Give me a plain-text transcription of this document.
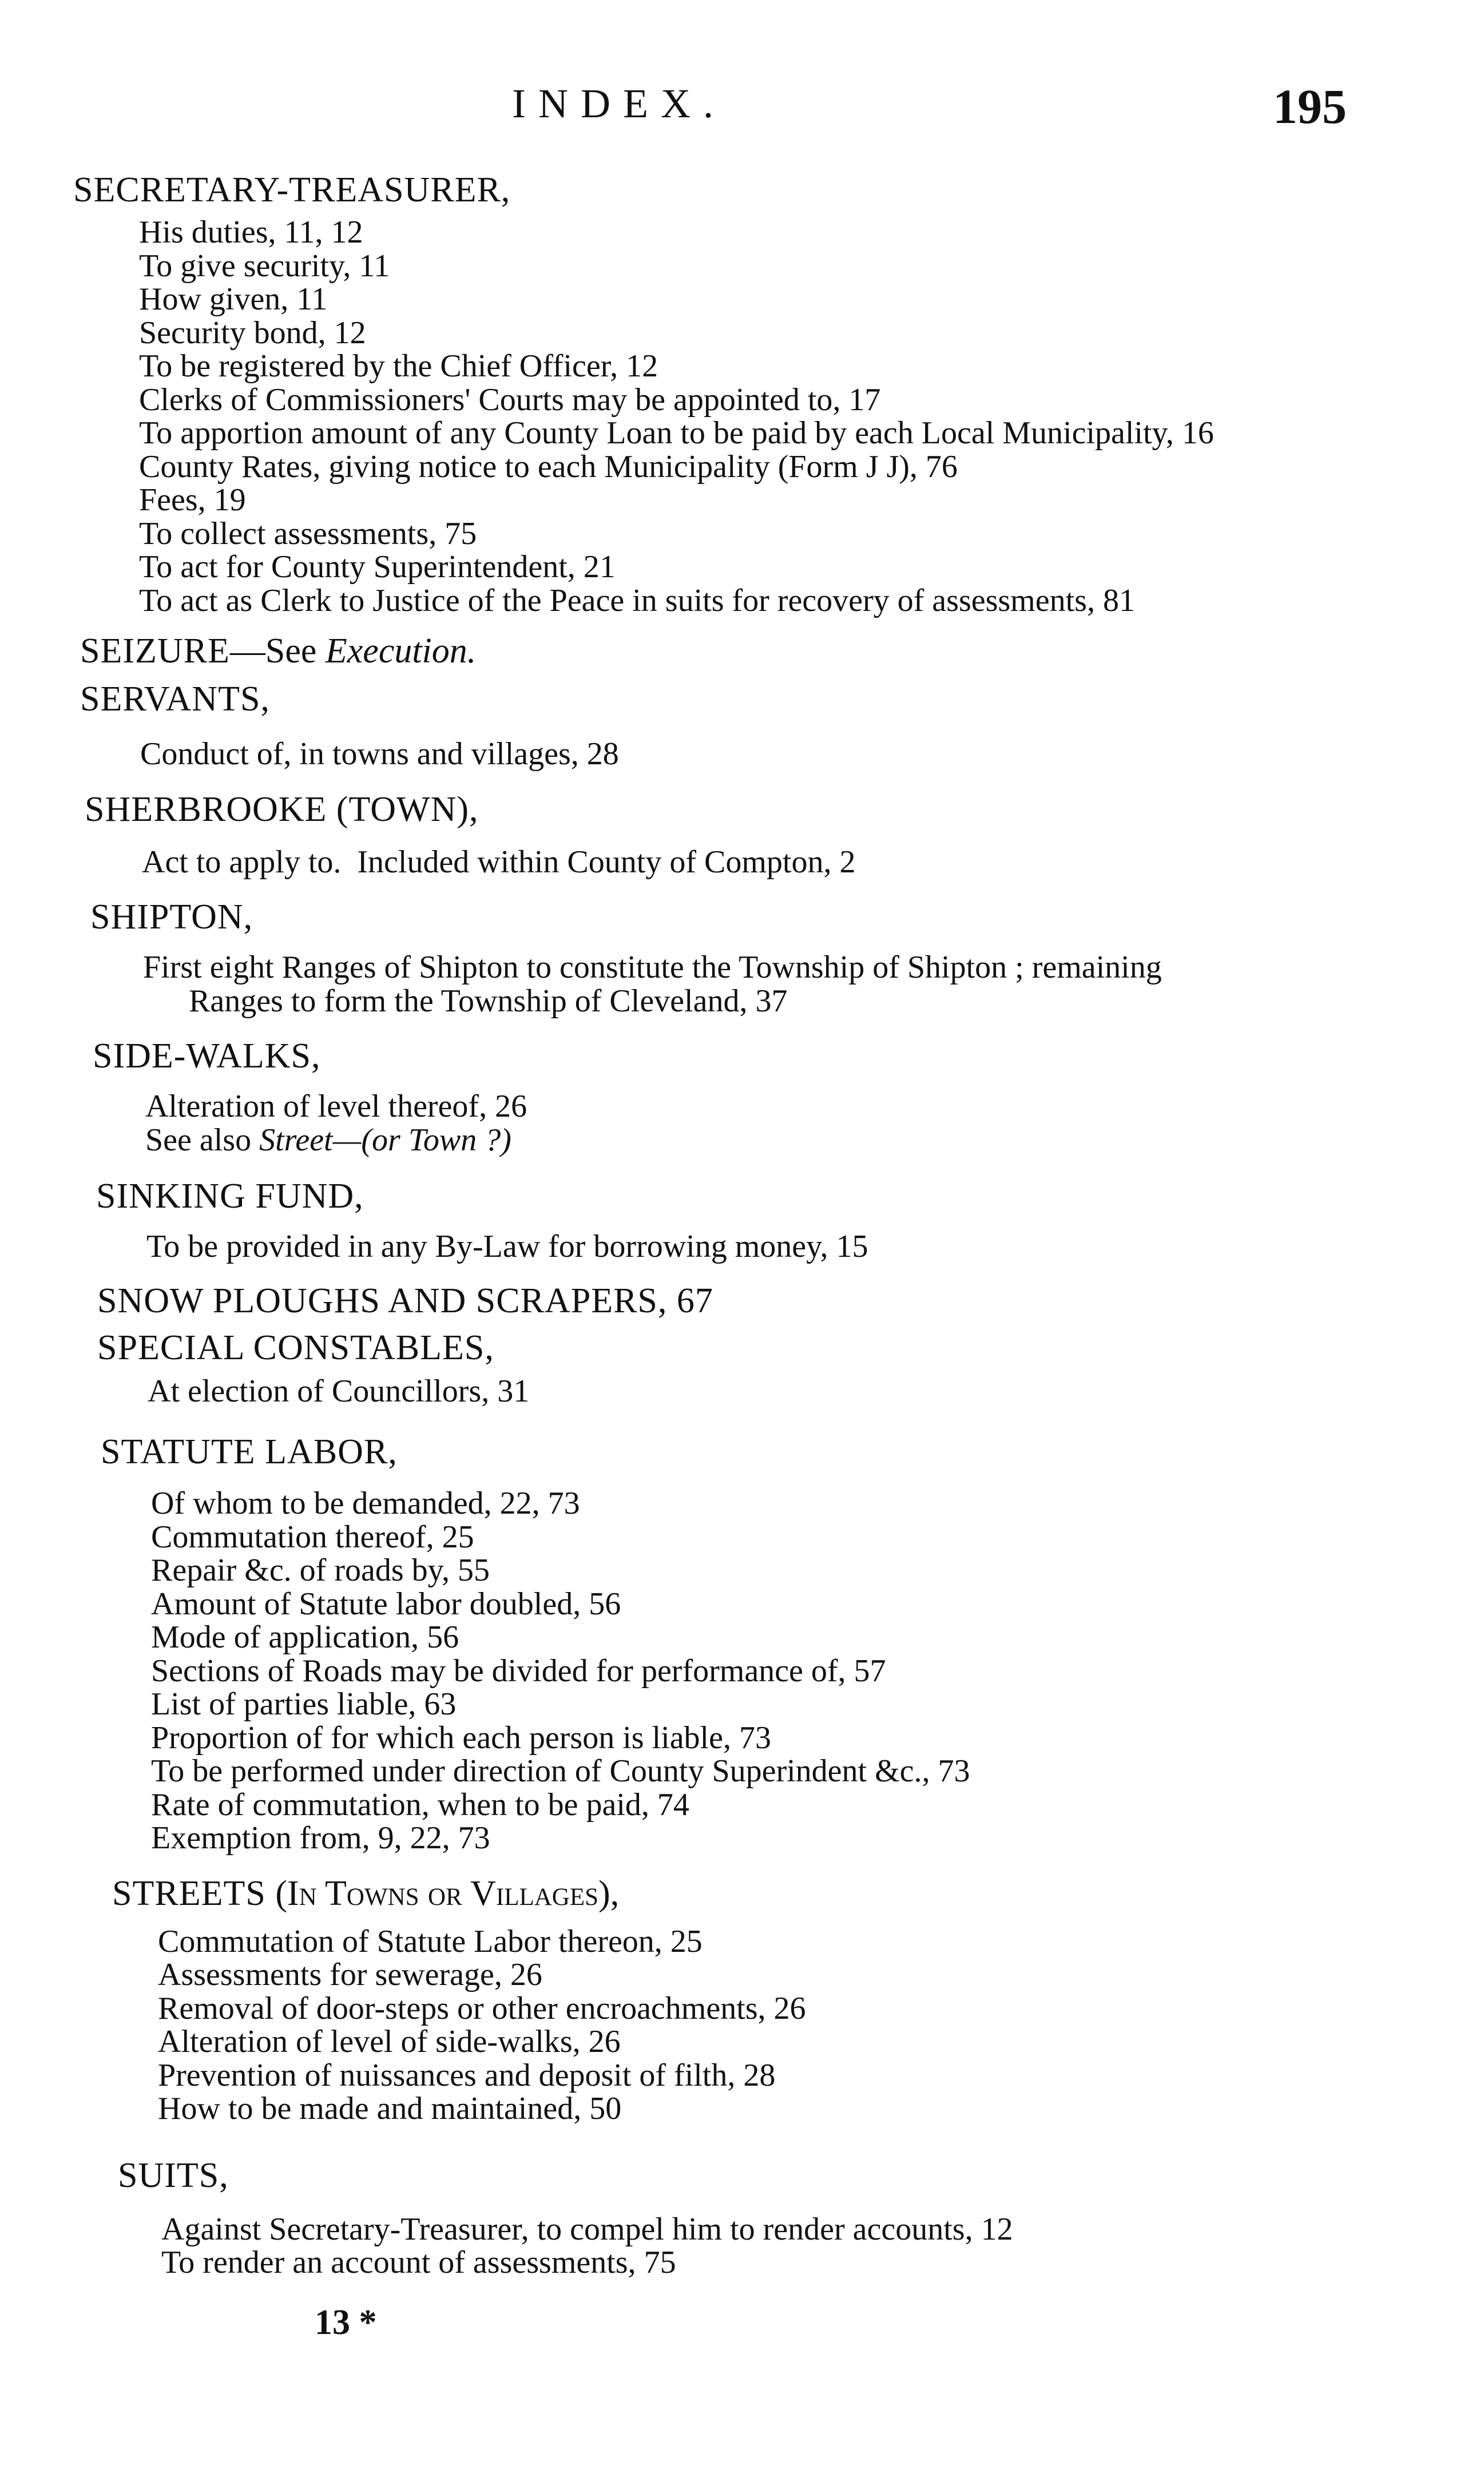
INDEX.	195
SECRETARY-TREASURER,
His duties, 11, 12
To give security, 11
How given, 11
Security bond, 12
To be registered by the Chief Officer, 12
Clerks of Commissioners' Courts may be appointed to, 17
To apportion amount of any County Loan to be paid by each Local Municipality, 16
County Rates, giving notice to each Municipality (Form J J), 76
Fees, 19
To collect assessments, 75
To act for County Superintendent, 21
To act as Clerk to Justice of the Peace in suits for recovery of assessments, 81
SEIZURE—See Execution.
SERVANTS,
Conduct of, in towns and villages, 28
SHERBROOKE (TOWN),
Act to apply to.  Included within County of Compton, 2
SHIPTON,
First eight Ranges of Shipton to constitute the Township of Shipton ; remaining Ranges to form the Township of Cleveland, 37
SIDE-WALKS,
Alteration of level thereof, 26
See also Street—(or Town ?)
SINKING FUND,
To be provided in any By-Law for borrowing money, 15
SNOW PLOUGHS AND SCRAPERS, 67
SPECIAL CONSTABLES,
At election of Councillors, 31
STATUTE LABOR,
Of whom to be demanded, 22, 73
Commutation thereof, 25
Repair &c. of roads by, 55
Amount of Statute labor doubled, 56
Mode of application, 56
Sections of Roads may be divided for performance of, 57
List of parties liable, 63
Proportion of for which each person is liable, 73
To be performed under direction of County Superindent &c., 73
Rate of commutation, when to be paid, 74
Exemption from, 9, 22, 73
STREETS (In Towns or Villages),
Commutation of Statute Labor thereon, 25
Assessments for sewerage, 26
Removal of door-steps or other encroachments, 26
Alteration of level of side-walks, 26
Prevention of nuissances and deposit of filth, 28
How to be made and maintained, 50
SUITS,
Against Secretary-Treasurer, to compel him to render accounts, 12
To render an account of assessments, 75
13 *
